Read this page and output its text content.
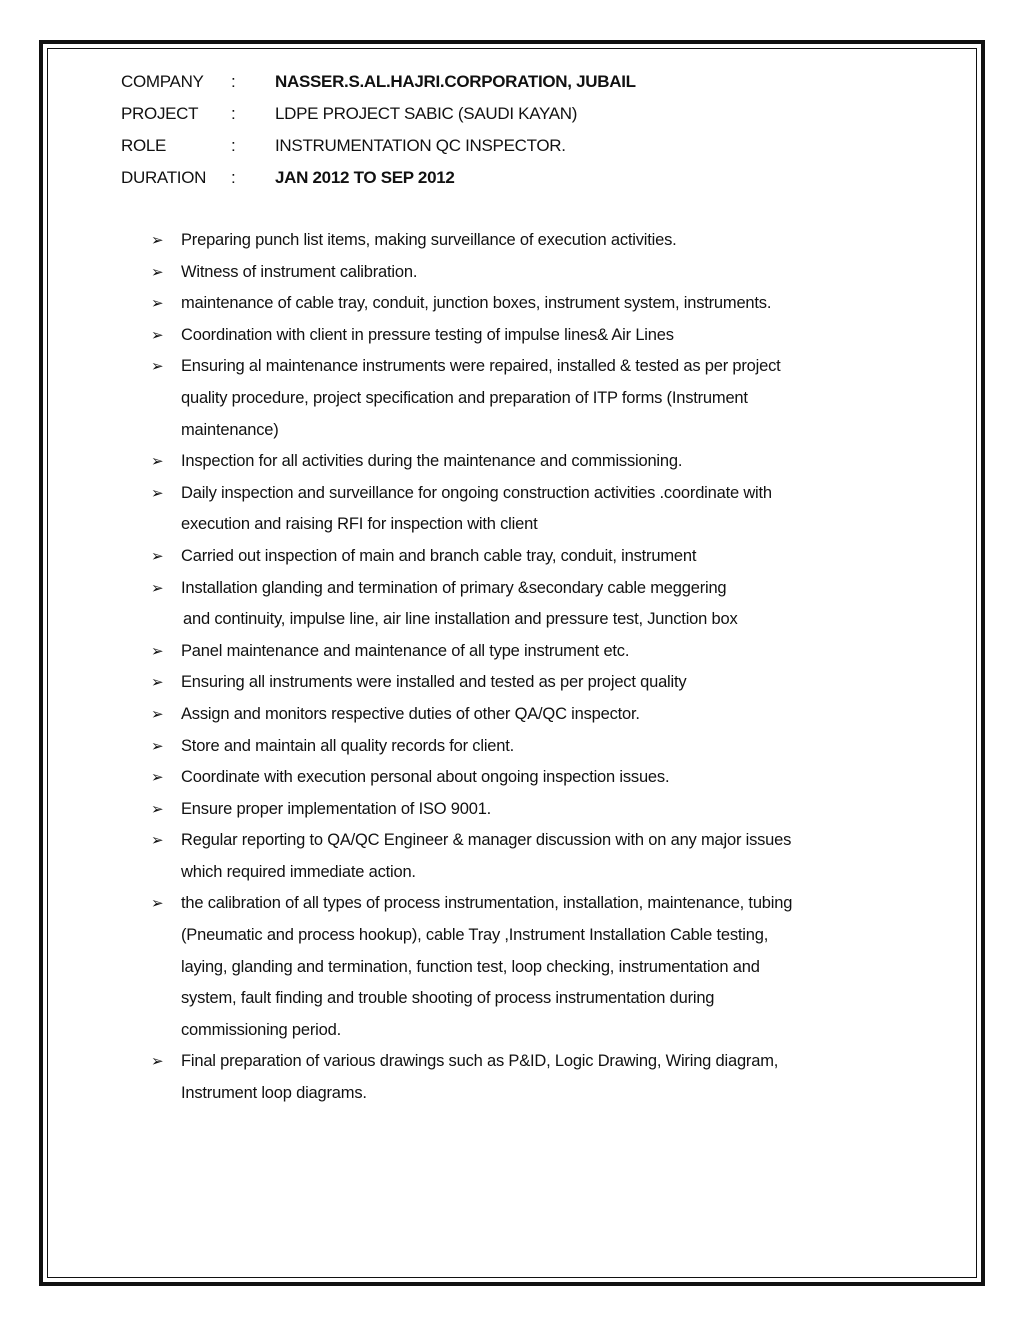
COMPANY	:	NASSER.S.AL.HAJRI.CORPORATION, JUBAIL
PROJECT	:	LDPE PROJECT SABIC (SAUDI KAYAN)
ROLE	:	INSTRUMENTATION QC INSPECTOR.
DURATION	:	JAN 2012 TO SEP 2012
➢ Preparing punch list items, making surveillance of execution activities.
➢ Witness of instrument calibration.
➢ maintenance of cable tray, conduit, junction boxes, instrument system, instruments.
➢ Coordination with client in pressure testing of impulse lines& Air Lines
➢ Ensuring al maintenance instruments were repaired, installed & tested as per project
quality procedure, project specification and preparation of ITP forms (Instrument
maintenance)
➢ Inspection for all activities during the maintenance and commissioning.
➢ Daily inspection and surveillance for ongoing construction activities .coordinate with
execution and raising RFI for inspection with client
➢ Carried out inspection of main and branch cable tray, conduit, instrument
➢ Installation glanding and termination of primary &secondary cable meggering
and continuity, impulse line, air line installation and pressure test, Junction box
➢ Panel maintenance and maintenance of all type instrument etc.
➢ Ensuring all instruments were installed and tested as per project quality
➢ Assign and monitors respective duties of other QA/QC inspector.
➢ Store and maintain all quality records for client.
➢ Coordinate with execution personal about ongoing inspection issues.
➢ Ensure proper implementation of ISO 9001.
➢ Regular reporting to QA/QC Engineer & manager discussion with on any major issues
which required immediate action.
➢ the calibration of all types of process instrumentation, installation, maintenance, tubing
(Pneumatic and process hookup), cable Tray ,Instrument Installation Cable testing,
laying, glanding and termination, function test, loop checking, instrumentation and
system, fault finding and trouble shooting of process instrumentation during
commissioning period.
➢ Final preparation of various drawings such as P&ID, Logic Drawing, Wiring diagram,
Instrument loop diagrams.
